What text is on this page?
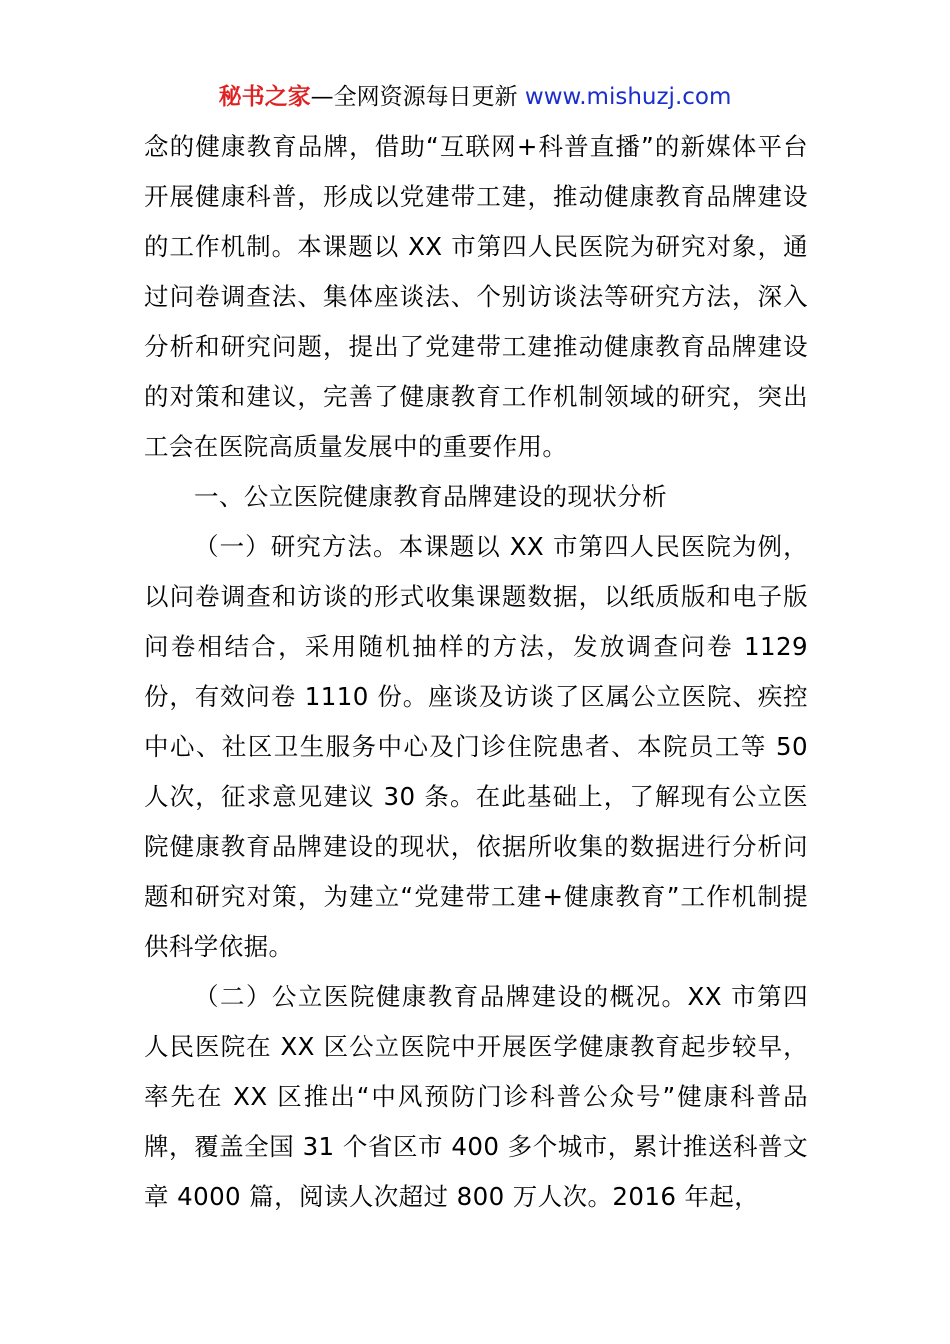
秘书之家—全网资源每日更新 www.mishuzj.com

念的健康教育品牌，借助“互联网+科普直播”的新媒体平台开展健康科普，形成以党建带工建，推动健康教育品牌建设的工作机制。本课题以 XX 市第四人民医院为研究对象，通过问卷调查法、集体座谈法、个别访谈法等研究方法，深入分析和研究问题，提出了党建带工建推动健康教育品牌建设的对策和建议，完善了健康教育工作机制领域的研究，突出工会在医院高质量发展中的重要作用。

一、公立医院健康教育品牌建设的现状分析

（一）研究方法。本课题以 XX 市第四人民医院为例，以问卷调查和访谈的形式收集课题数据，以纸质版和电子版问卷相结合，采用随机抽样的方法，发放调查问卷 1129 份，有效问卷 1110 份。座谈及访谈了区属公立医院、疾控中心、社区卫生服务中心及门诊住院患者、本院员工等 50 人次，征求意见建议 30 条。在此基础上，了解现有公立医院健康教育品牌建设的现状，依据所收集的数据进行分析问题和研究对策，为建立“党建带工建+健康教育”工作机制提供科学依据。

（二）公立医院健康教育品牌建设的概况。XX 市第四人民医院在 XX 区公立医院中开展医学健康教育起步较早，率先在 XX 区推出“中风预防门诊科普公众号”健康科普品牌，覆盖全国 31 个省区市 400 多个城市，累计推送科普文章 4000 篇，阅读人次超过 800 万人次。2016 年起，
